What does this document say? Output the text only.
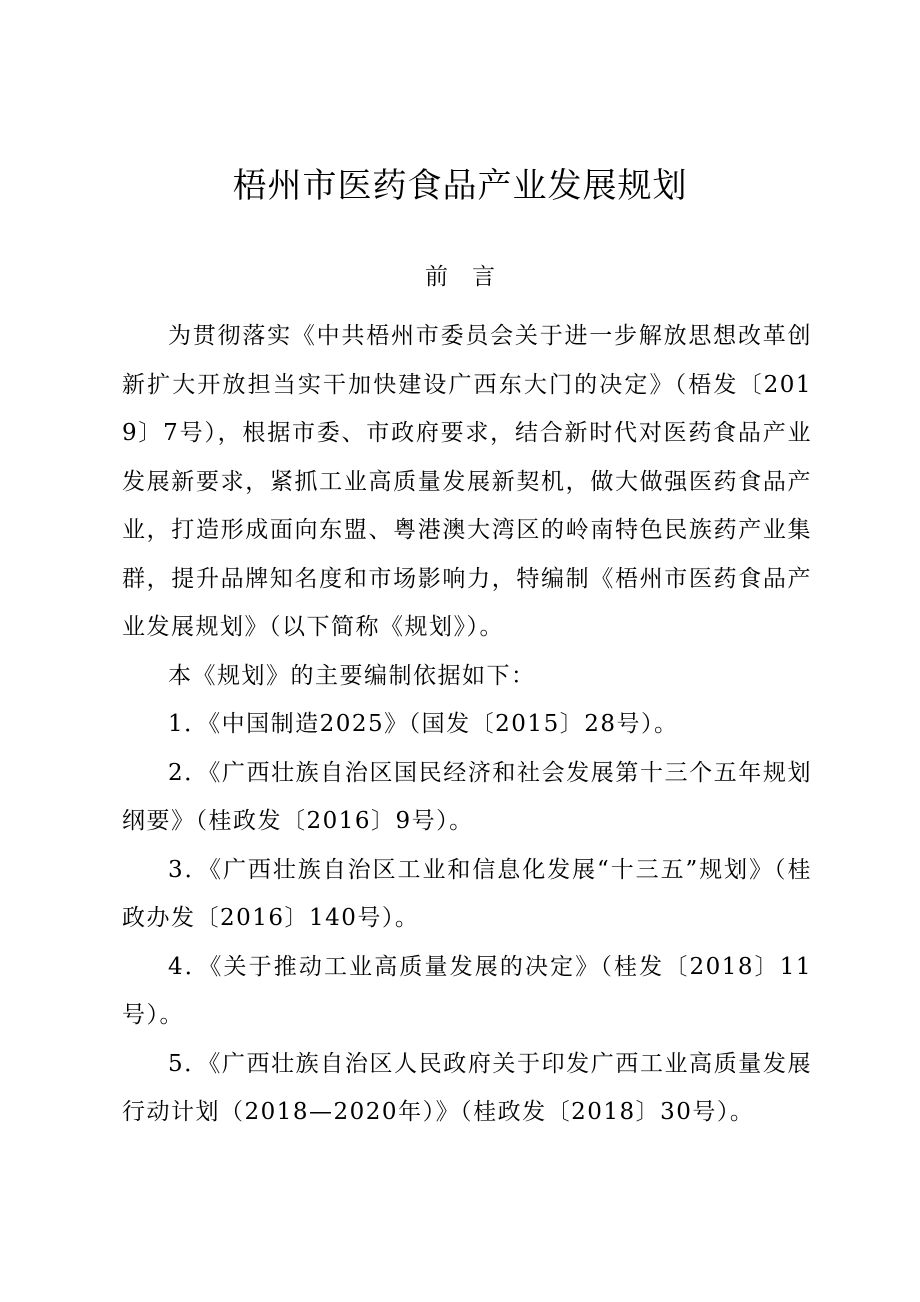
梧州市医药食品产业发展规划
前 言

为贯彻落实《中共梧州市委员会关于进一步解放思想改革创新扩大开放担当实干加快建设广西东大门的决定》（梧发〔2019〕7号），根据市委、市政府要求，结合新时代对医药食品产业发展新要求，紧抓工业高质量发展新契机，做大做强医药食品产业，打造形成面向东盟、粤港澳大湾区的岭南特色民族药产业集群，提升品牌知名度和市场影响力，特编制《梧州市医药食品产业发展规划》（以下简称《规划》）。

本《规划》的主要编制依据如下：

1．《中国制造2025》（国发〔2015〕28号）。

2．《广西壮族自治区国民经济和社会发展第十三个五年规划纲要》（桂政发〔2016〕9号）。

3．《广西壮族自治区工业和信息化发展“十三五”规划》（桂政办发〔2016〕140号）。

4．《关于推动工业高质量发展的决定》（桂发〔2018〕11号）。

5．《广西壮族自治区人民政府关于印发广西工业高质量发展行动计划（2018—2020年）》（桂政发〔2018〕30号）。
